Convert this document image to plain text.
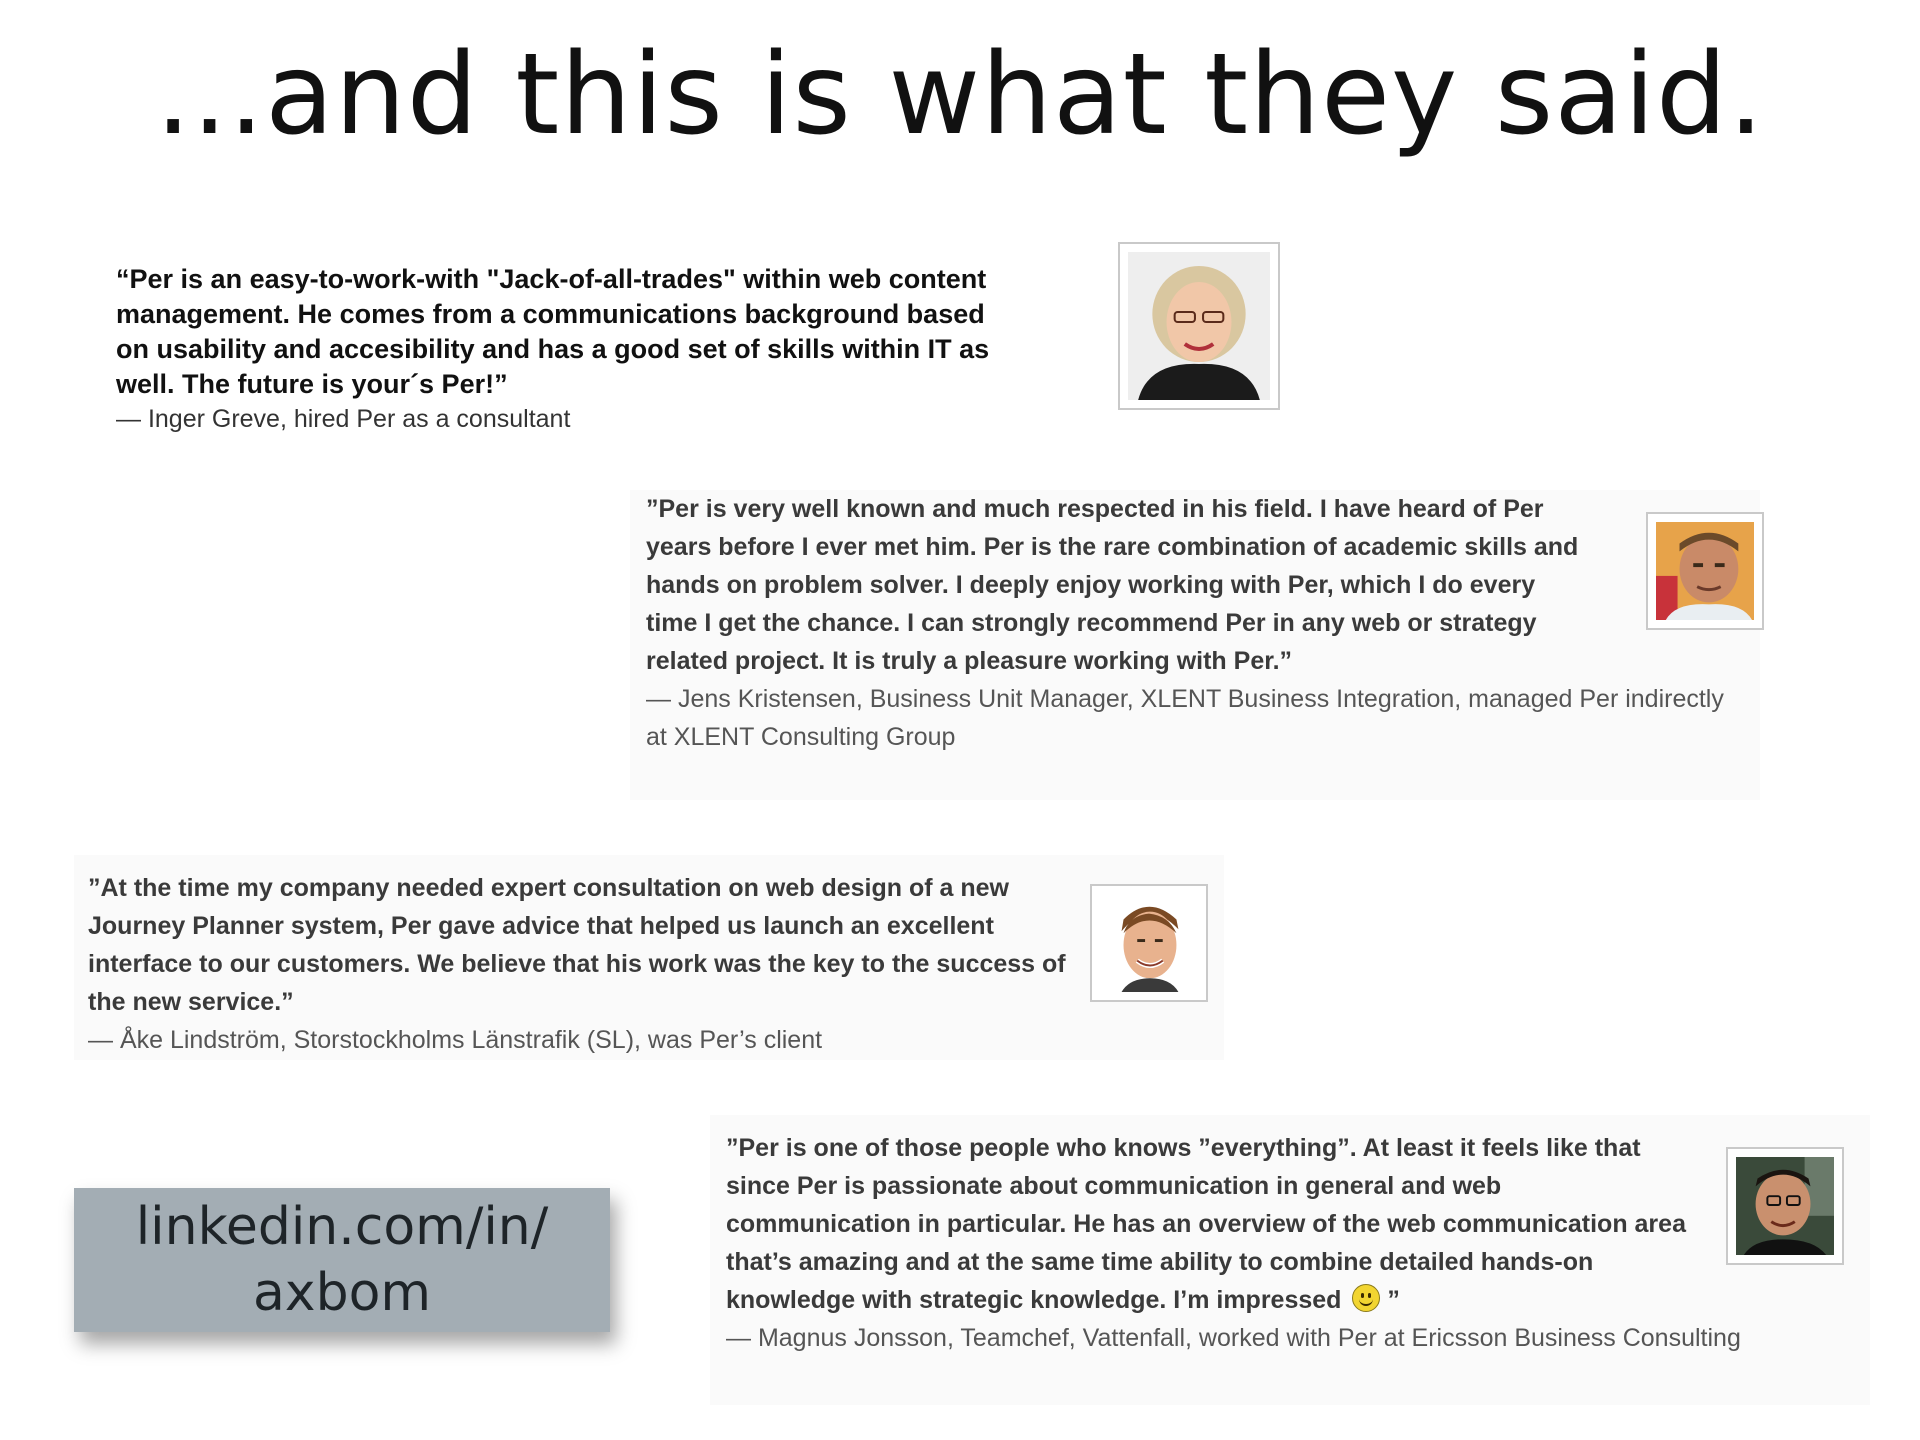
...and this is what they said.

“Per is an easy-to-work-with "Jack-of-all-trades" within web content management. He comes from a communications background based on usability and accesibility and has a good set of skills within IT as well. The future is your´s Per!”

— Inger Greve, hired Per as a consultant

”Per is very well known and much respected in his field. I have heard of Per years before I ever met him. Per is the rare combination of academic skills and hands on problem solver. I deeply enjoy working with Per, which I do every time I get the chance. I can strongly recommend Per in any web or strategy related project. It is truly a pleasure working with Per.”

— Jens Kristensen, Business Unit Manager, XLENT Business Integration, managed Per indirectly at XLENT Consulting Group

”At the time my company needed expert consultation on web design of a new Journey Planner system, Per gave advice that helped us launch an excellent interface to our customers. We believe that his work was the key to the success of the new service.”

— Åke Lindström, Storstockholms Länstrafik (SL), was Per’s client

”Per is one of those people who knows ”everything”. At least it feels like that since Per is passionate about communication in general and web communication in particular. He has an overview of the web communication area that’s amazing and at the same time ability to combine detailed hands-on knowledge with strategic knowledge. I’m impressed
”

— Magnus Jonsson, Teamchef, Vattenfall, worked with Per at Ericsson Business Consulting

linkedin.com/in/
axbom
